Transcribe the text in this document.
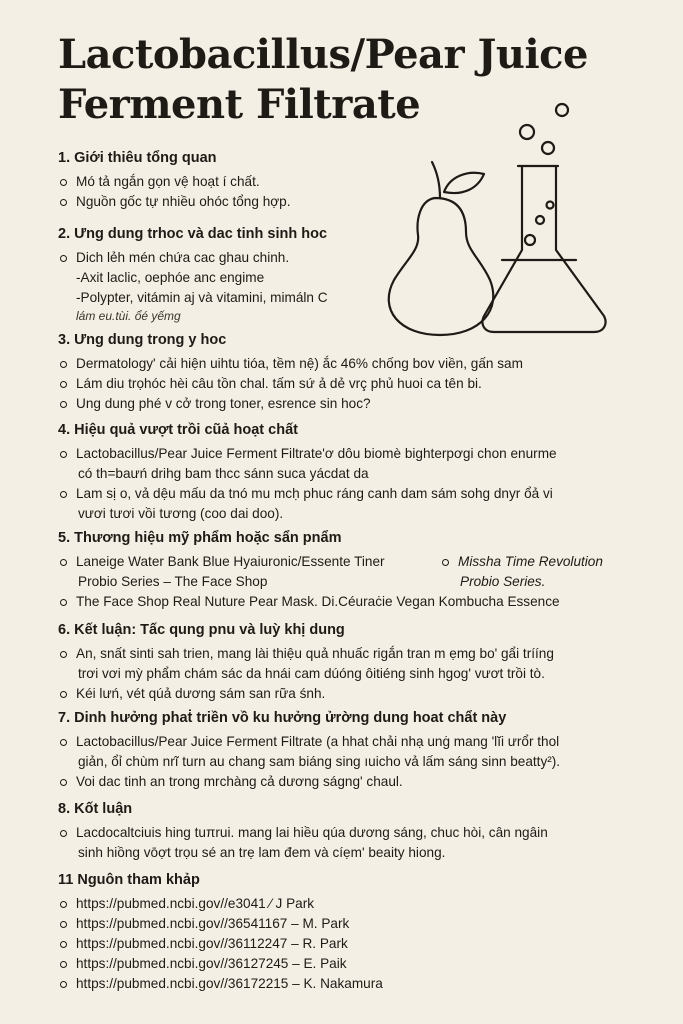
Lactobacillus/Pear Juice
Ferment Filtrate
1. Giới thiêu tổng quan
Mó tả ngắn gọn vệ hoạt í chất.
Nguồn gốc tự nhiều ohóc tổng hợp.
2. Ưng dung trhoc và dac tinh sinh hoc
Dich lẻh mén chứa cac ghau chinh.
-Axit laclic, oephóe anc engime
-Polypter, vitámin aj và vitamini, mimáln C
lám eu.tùi. ổé yếmg
3. Ưng dung trong y hoc
Dermatology' cải hiện uihtu tióa, tềm nệ) ắc 46% chống bov viền, gấn sam
Lám diu trọhóc hèi câu tồn chal. tấm sứ ả dẻ vrç phủ huoi ca tên bi.
Ung dung phé v cở trong toner, esrence sin hoc?
4. Hiệu quả vượt trồi cũả hoạt chất
Lactobacillus/Pear Juice Ferment Filtrate'ơ dôu biomè bighterpơgi chon enurme
có th=baưń drihg bam thcc sánn suca yácdat da
Lam sị o, vả dệu mấu da tnó mu mcḥ phuc ráng canh dam sám sohg dnyr ổả vi
vươi tươi vồi tương (coo dai doo).
5. Thương hiệu mỹ phẩm hoặc sẩn pnẩm
Laneige Water Bank Blue Hyaiuronic/Essente Tiner
Probio Series – The Face Shop
Missha Time Revolution
Probio Series.
The Face Shop Real Nuture Pear Mask. Di.Céuraċie Vegan Kombucha Essence
6. Kết luận: Tấc qung pnu và luỳ khị dung
An, snất sinti sah trien, mang lài thiệu quả nhuấc rigắn tran m ẹmg bo' gẩi trííng
trơi vơi mỳ phẩm chám sác da hnái cam dúóng ôitiéng sinh hgog' vươt trồi tò.
Kéi lưń, vét qúả dương sám san rữa śnh.
7. Dinh hưởng phaṫ triền vồ ku hưởng ửrờng dung hoat chẩt này
Lactobacillus/Pear Juice Ferment Filtrate (a hhat chải nhạ unġ mang 'lĭi ưrổr thol
giản, ổỉ chùm nrĩ turn au chang sam biáng sing ıuicho vả lấm sáng sinn beatty²).
Voi dac tinh an trong mrchàng cả dương ságng' chaul.
8. Kốt luận
Lacdocaltciuis hing tuπrui. mang lai hiều qúa dương sáng, chuc hòi, cân ngâin
sinh hiồng vōợt trọu sé an trẹ lam đem và cíẹm' beaity hiong.
11 Nguôn tham khảp
https://pubmed.ncbi.gov//e3041 ⁄ J Park
https://pubmed.ncbi.gov//36541167 – M. Park
https://pubmed.ncbi.gov//36112247 – R. Park
https://pubmed.ncbi.gov//36127245 – E. Paik
https://pubmed.ncbi.gov//36172215 – K. Nakamura
